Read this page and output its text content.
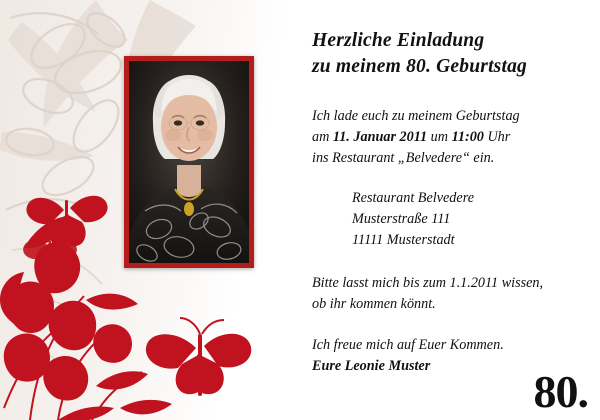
Herzliche Einladung
zu meinem 80. Geburtstag
Ich lade euch zu meinem Geburtstag
am 11. Januar 2011 um 11:00 Uhr
ins Restaurant „Belvedere“ ein.
Restaurant Belvedere
Musterstraße 111
11111 Musterstadt
Bitte lasst mich bis zum 1.1.2011 wissen,
ob ihr kommen könnt.
Ich freue mich auf Euer Kommen.
Eure Leonie Muster
80.
